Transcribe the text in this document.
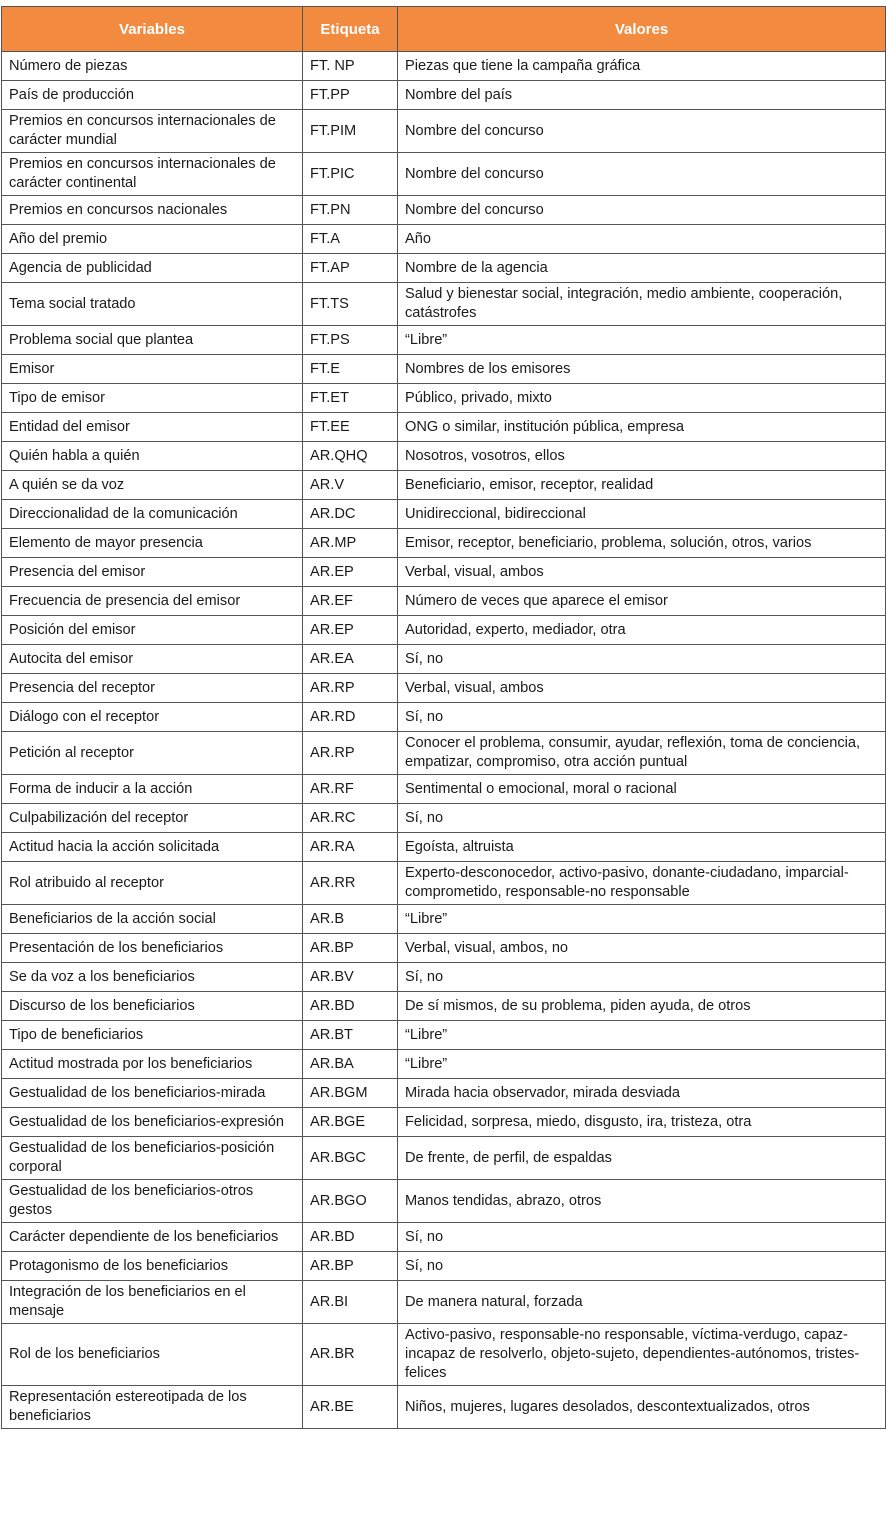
Variables	Etiqueta	Valores
Número de piezas	FT. NP	Piezas que tiene la campaña gráfica
País de producción	FT.PP	Nombre del país
Premios en concursos internacionales de carácter mundial	FT.PIM	Nombre del concurso
Premios en concursos internacionales de carácter continental	FT.PIC	Nombre del concurso
Premios en concursos nacionales	FT.PN	Nombre del concurso
Año del premio	FT.A	Año
Agencia de publicidad	FT.AP	Nombre de la agencia
Tema social tratado	FT.TS	Salud y bienestar social, integración, medio ambiente, cooperación, catástrofes
Problema social que plantea	FT.PS	“Libre”
Emisor	FT.E	Nombres de los emisores
Tipo de emisor	FT.ET	Público, privado, mixto
Entidad del emisor	FT.EE	ONG o similar, institución pública, empresa
Quién habla a quién	AR.QHQ	Nosotros, vosotros, ellos
A quién se da voz	AR.V	Beneficiario, emisor, receptor, realidad
Direccionalidad de la comunicación	AR.DC	Unidireccional, bidireccional
Elemento de mayor presencia	AR.MP	Emisor, receptor, beneficiario, problema, solución, otros, varios
Presencia del emisor	AR.EP	Verbal, visual, ambos
Frecuencia de presencia del emisor	AR.EF	Número de veces que aparece el emisor
Posición del emisor	AR.EP	Autoridad, experto, mediador, otra
Autocita del emisor	AR.EA	Sí, no
Presencia del receptor	AR.RP	Verbal, visual, ambos
Diálogo con el receptor	AR.RD	Sí, no
Petición al receptor	AR.RP	Conocer el problema, consumir, ayudar, reflexión, toma de conciencia, empatizar, compromiso, otra acción puntual
Forma de inducir a la acción	AR.RF	Sentimental o emocional, moral o racional
Culpabilización del receptor	AR.RC	Sí, no
Actitud hacia la acción solicitada	AR.RA	Egoísta, altruista
Rol atribuido al receptor	AR.RR	Experto-desconocedor, activo-pasivo, donante-ciudadano, imparcial-comprometido, responsable-no responsable
Beneficiarios de la acción social	AR.B	“Libre”
Presentación de los beneficiarios	AR.BP	Verbal, visual, ambos, no
Se da voz a los beneficiarios	AR.BV	Sí, no
Discurso de los beneficiarios	AR.BD	De sí mismos, de su problema, piden ayuda, de otros
Tipo de beneficiarios	AR.BT	“Libre”
Actitud mostrada por los beneficiarios	AR.BA	“Libre”
Gestualidad de los beneficiarios-mirada	AR.BGM	Mirada hacia observador, mirada desviada
Gestualidad de los beneficiarios-expresión	AR.BGE	Felicidad, sorpresa, miedo, disgusto, ira, tristeza, otra
Gestualidad de los beneficiarios-posición corporal	AR.BGC	De frente, de perfil, de espaldas
Gestualidad de los beneficiarios-otros gestos	AR.BGO	Manos tendidas, abrazo, otros
Carácter dependiente de los beneficiarios	AR.BD	Sí, no
Protagonismo de los beneficiarios	AR.BP	Sí, no
Integración de los beneficiarios en el mensaje	AR.BI	De manera natural, forzada
Rol de los beneficiarios	AR.BR	Activo-pasivo, responsable-no responsable, víctima-verdugo, capaz-incapaz de resolverlo, objeto-sujeto, dependientes-autónomos, tristes-felices
Representación estereotipada de los beneficiarios	AR.BE	Niños, mujeres, lugares desolados, descontextualizados, otros
